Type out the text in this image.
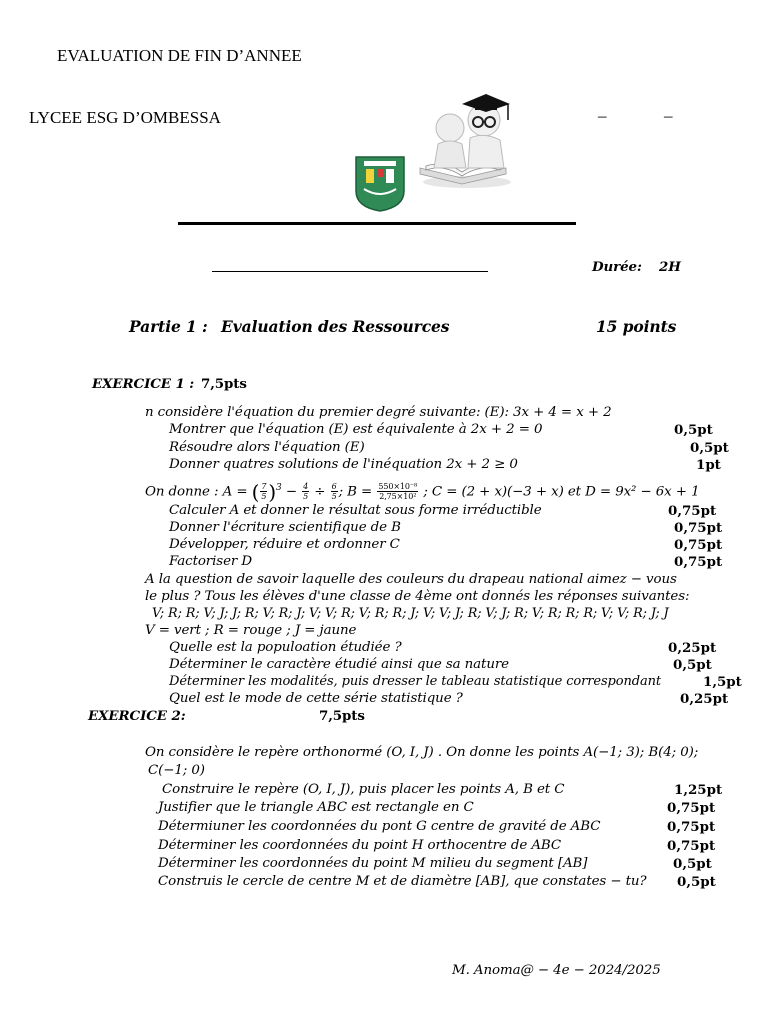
EVALUATION DE FIN D’ANNEE
LYCEE ESG D’OMBESSA	–	–
Durée: 2H
Partie 1 : Evaluation des Ressources	15 points
EXERCICE 1 : 7,5pts
n considère l'équation du premier degré suivante: (E): 3x + 4 = x + 2
Montrer que l'équation (E) est équivalente à 2x + 2 = 0	0,5pt
Résoudre alors l'équation (E)	0,5pt
Donner quatres solutions de l'inéquation 2x + 2 ≥ 0	1pt
On donne : A = ( $\frac{7}{5} )^3 - \frac{4}{5} \div \frac{6}{5}$ ; $B = \frac{\text{550×10⁻⁸}}{\text{2,75×10²}}$ ; C = (2 + x)(−3 + x) et D = 9x² − 6x + 1
Calculer A et donner le résultat sous forme irréductible	0,75pt
Donner l'écriture scientifique de B	0,75pt
Développer, réduire et ordonner C	0,75pt
Factoriser D	0,75pt
A la question de savoir laquelle des couleurs du drapeau national aimez − vous
le plus ? Tous les élèves d'une classe de 4ème ont donnés les réponses suivantes:
V; R; R; V; J; J; R; V; R; J; V; V; R; V; R; R; J; V; V; J; R; V; J; R; V; R; R; R; V; V; R; J; J
V = vert ; R = rouge ; J = jaune
Quelle est la populoation étudiée ?	0,25pt
Déterminer le caractère étudié ainsi que sa nature	0,5pt
Déterminer les modalités, puis dresser le tableau statistique correspondant	1,5pt
Quel est le mode de cette série statistique ?	0,25pt
EXERCICE 2:	7,5pts
On considère le repère orthonormé (O, I, J) . On donne les points A(−1; 3); B(4; 0);
C(−1; 0)
Construire le repère (O, I, J), puis placer les points A, B et C	1,25pt
Justifier que le triangle ABC est rectangle en C	0,75pt
Détermiuner les coordonnées du pont G centre de gravité de ABC	0,75pt
Déterminer les coordonnées du point H orthocentre de ABC	0,75pt
Déterminer les coordonnées du point M milieu du segment [AB]	0,5pt
Construis le cercle de centre M et de diamètre [AB], que constates − tu? 0,5pt
M. Anoma@ − 4e − 2024/2025
